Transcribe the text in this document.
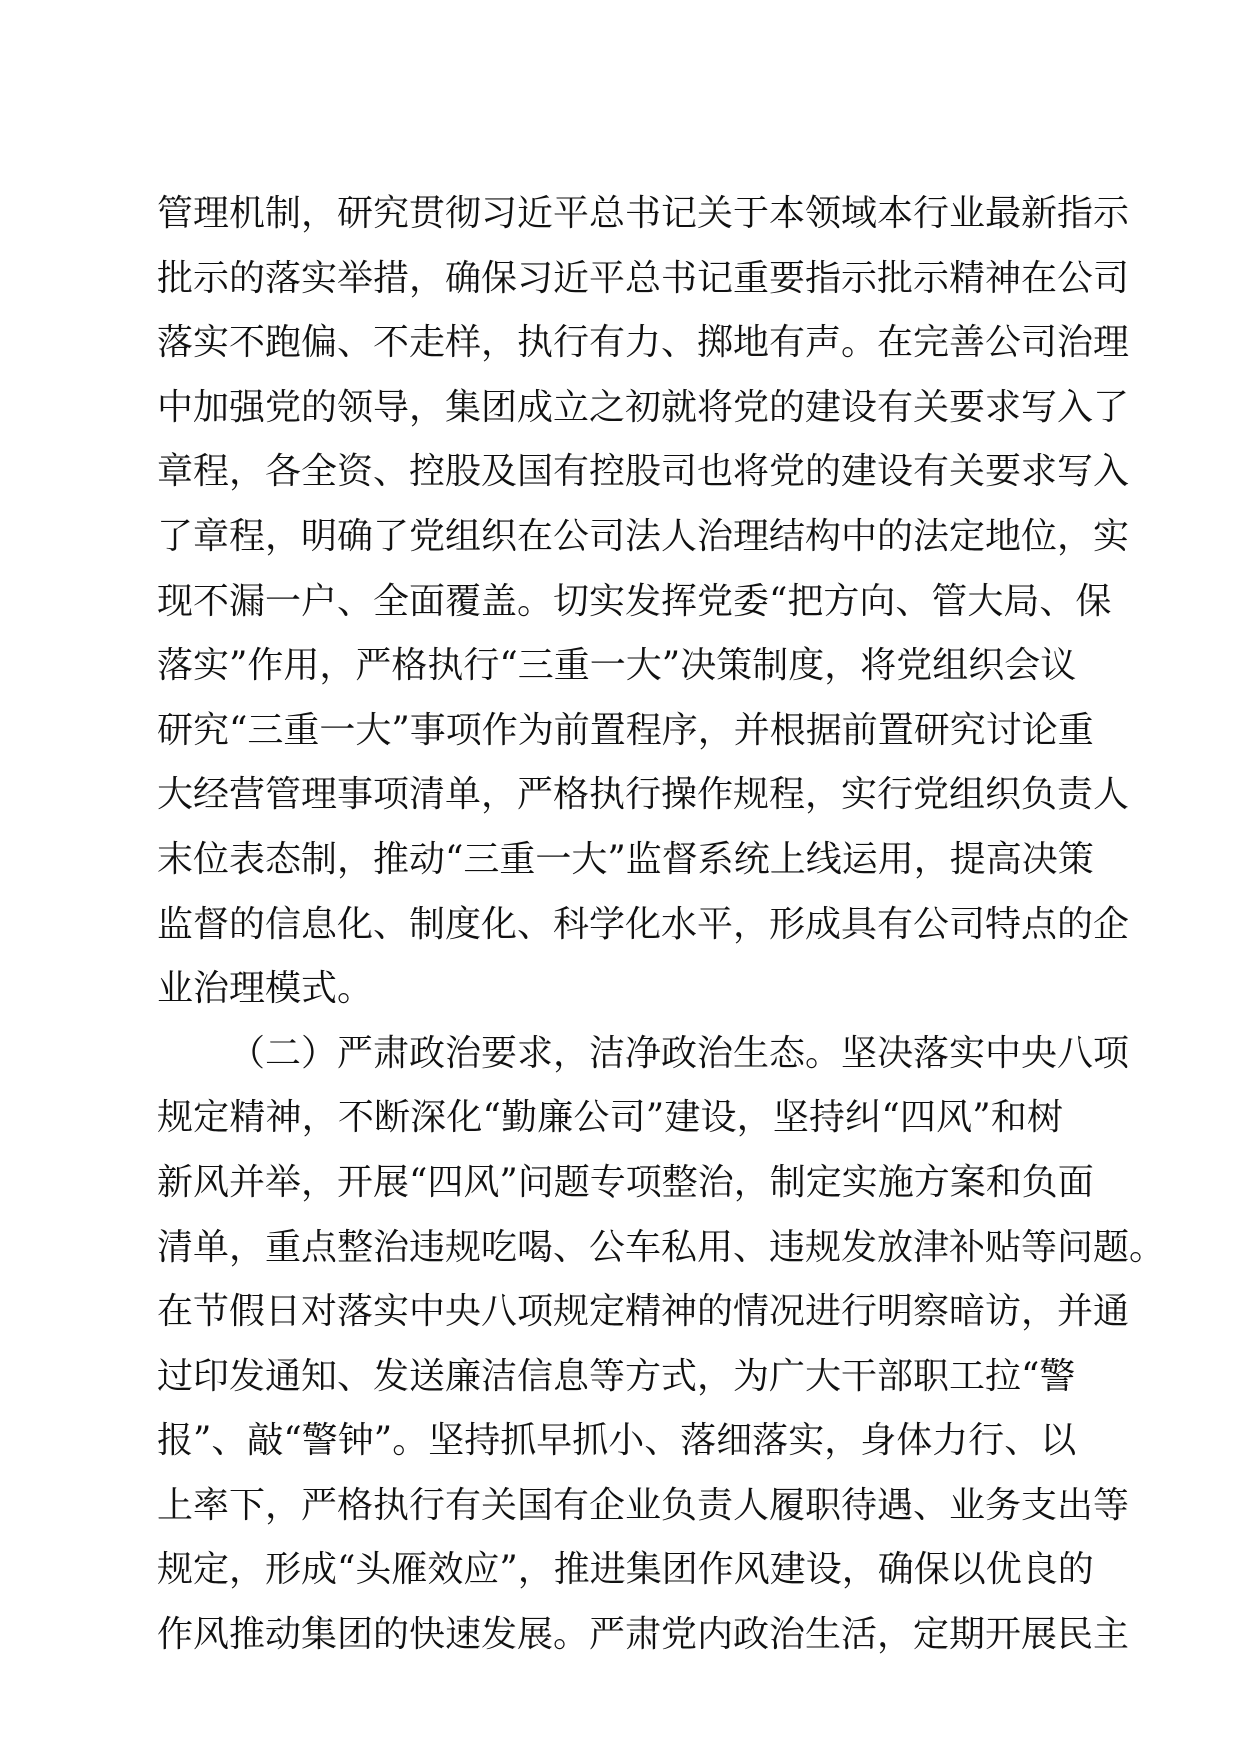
管理机制，研究贯彻习近平总书记关于本领域本行业最新指示
批示的落实举措，确保习近平总书记重要指示批示精神在公司
落实不跑偏、不走样，执行有力、掷地有声。在完善公司治理
中加强党的领导，集团成立之初就将党的建设有关要求写入了
章程，各全资、控股及国有控股司也将党的建设有关要求写入
了章程，明确了党组织在公司法人治理结构中的法定地位，实
现不漏一户、全面覆盖。切实发挥党委“把方向、管大局、保
落实”作用，严格执行“三重一大”决策制度，将党组织会议
研究“三重一大”事项作为前置程序，并根据前置研究讨论重
大经营管理事项清单，严格执行操作规程，实行党组织负责人
末位表态制，推动“三重一大”监督系统上线运用，提高决策
监督的信息化、制度化、科学化水平，形成具有公司特点的企
业治理模式。
（二）严肃政治要求，洁净政治生态。坚决落实中央八项
规定精神，不断深化“勤廉公司”建设，坚持纠“四风”和树
新风并举，开展“四风”问题专项整治，制定实施方案和负面
清单，重点整治违规吃喝、公车私用、违规发放津补贴等问题。
在节假日对落实中央八项规定精神的情况进行明察暗访，并通
过印发通知、发送廉洁信息等方式，为广大干部职工拉“警
报”、敲“警钟”。坚持抓早抓小、落细落实，身体力行、以
上率下，严格执行有关国有企业负责人履职待遇、业务支出等
规定，形成“头雁效应”，推进集团作风建设，确保以优良的
作风推动集团的快速发展。严肃党内政治生活，定期开展民主
